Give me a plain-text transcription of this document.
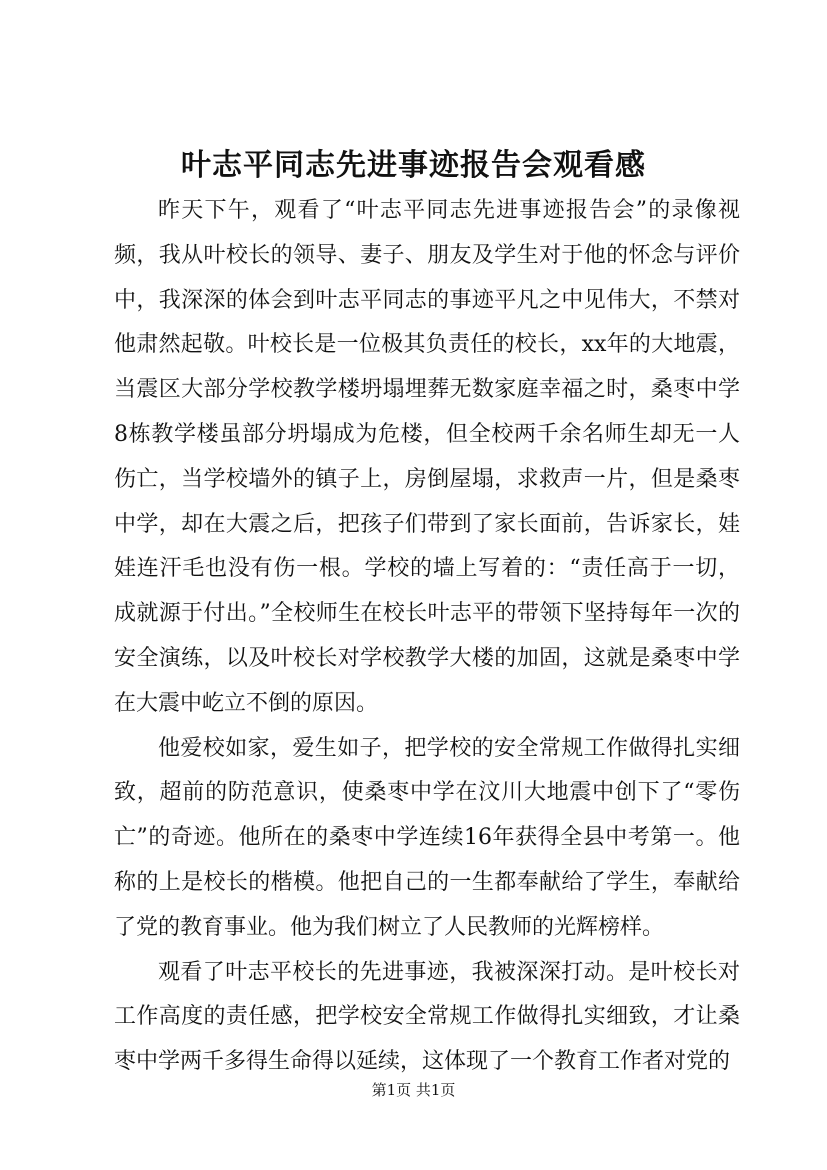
叶志平同志先进事迹报告会观看感

昨天下午，观看了“叶志平同志先进事迹报告会”的录像视频，我从叶校长的领导、妻子、朋友及学生对于他的怀念与评价中，我深深的体会到叶志平同志的事迹平凡之中见伟大，不禁对他肃然起敬。叶校长是一位极其负责任的校长，xx年的大地震，当震区大部分学校教学楼坍塌埋葬无数家庭幸福之时，桑枣中学8栋教学楼虽部分坍塌成为危楼，但全校两千余名师生却无一人伤亡，当学校墙外的镇子上，房倒屋塌，求救声一片，但是桑枣中学，却在大震之后，把孩子们带到了家长面前，告诉家长，娃娃连汗毛也没有伤一根。学校的墙上写着的：“责任高于一切，成就源于付出。”全校师生在校长叶志平的带领下坚持每年一次的安全演练，以及叶校长对学校教学大楼的加固，这就是桑枣中学在大震中屹立不倒的原因。

他爱校如家，爱生如子，把学校的安全常规工作做得扎实细致，超前的防范意识，使桑枣中学在汶川大地震中创下了“零伤亡”的奇迹。他所在的桑枣中学连续16年获得全县中考第一。他称的上是校长的楷模。他把自己的一生都奉献给了学生，奉献给了党的教育事业。他为我们树立了人民教师的光辉榜样。

观看了叶志平校长的先进事迹，我被深深打动。是叶校长对工作高度的责任感，把学校安全常规工作做得扎实细致，才让桑枣中学两千多得生命得以延续，这体现了一个教育工作者对党的

第1页 共1页
